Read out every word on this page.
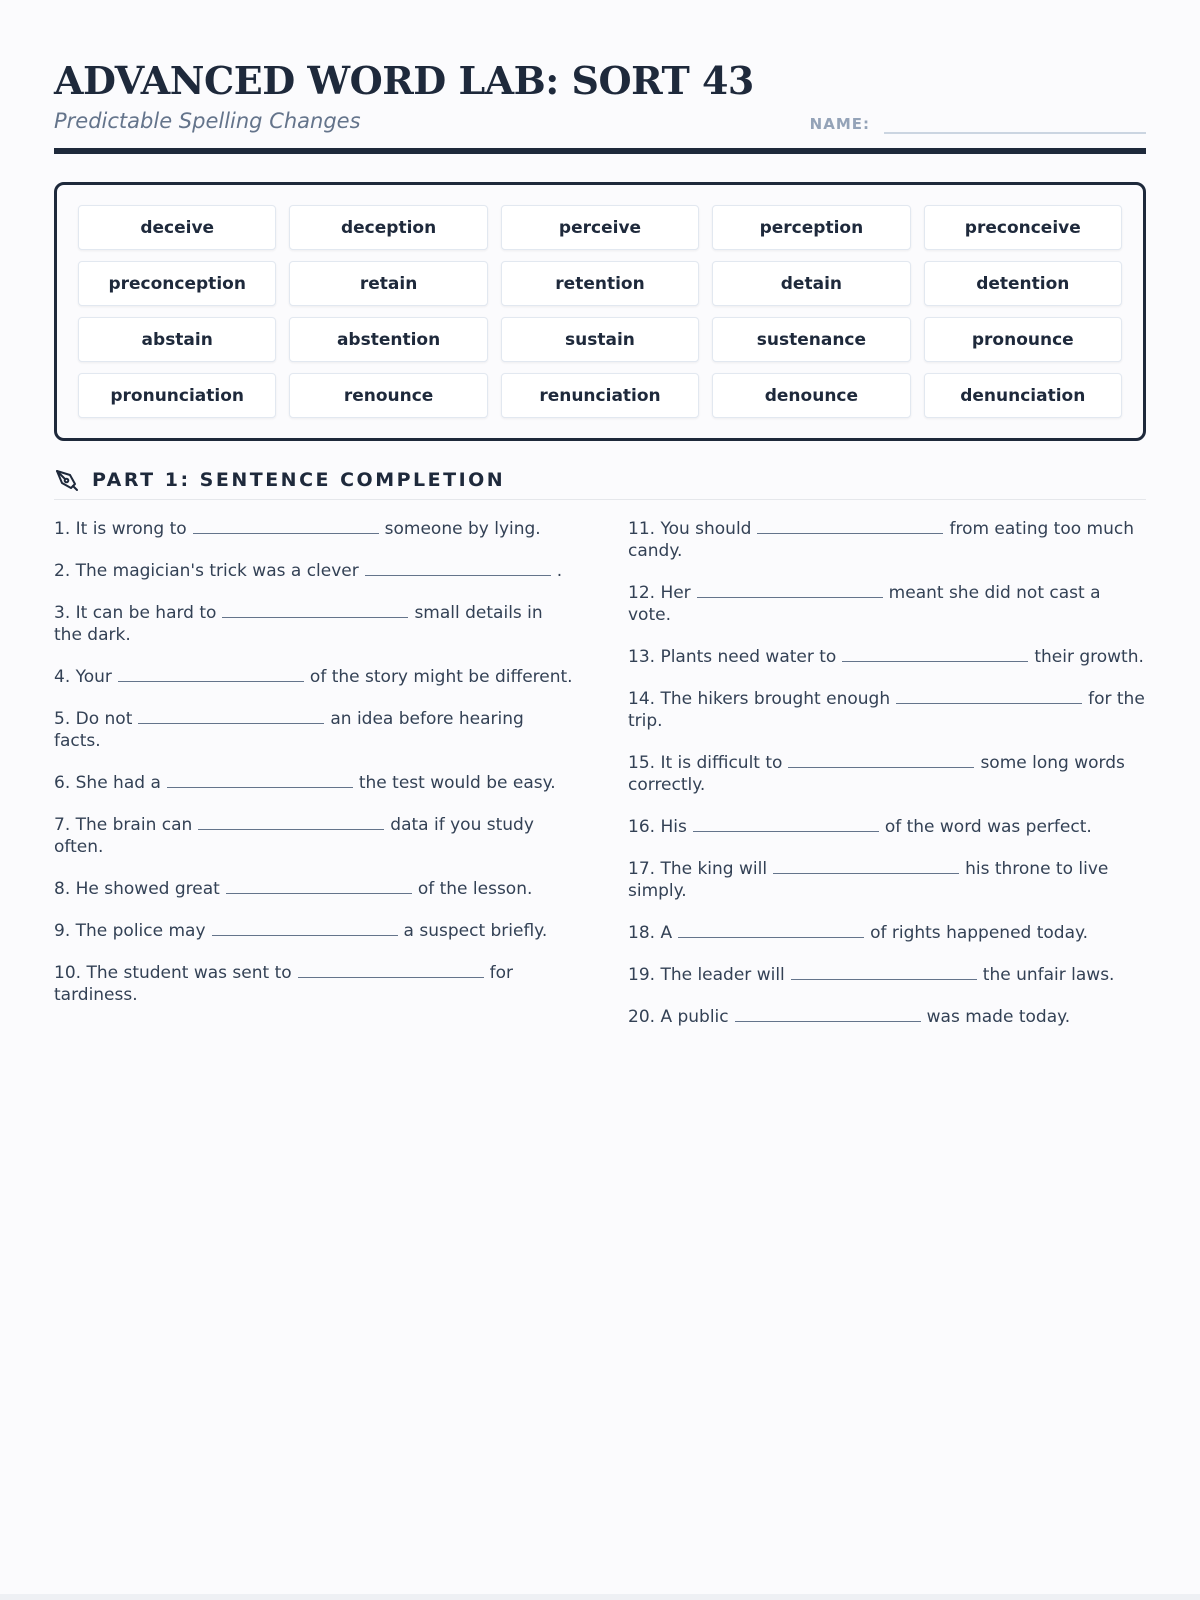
ADVANCED WORD LAB: SORT 43
Predictable Spelling Changes	NAME:
deceive	deception	perceive	perception	preconceive
preconception	retain	retention	detain	detention
abstain	abstention	sustain	sustenance	pronounce
pronunciation	renounce	renunciation	denounce	denunciation
PART 1: SENTENCE COMPLETION
1. It is wrong to	someone by lying.
2. The magician's trick was a clever	.
3. It can be hard to	small details in the dark.
4. Your	of the story might be different.
5. Do not	an idea before hearing facts.
6. She had a	the test would be easy.
7. The brain can	data if you study often.
8. He showed great	of the lesson.
9. The police may	a suspect briefly.
10. The student was sent to	for tardiness.
11. You should	from eating too much candy.
12. Her	meant she did not cast a vote.
13. Plants need water to	their growth.
14. The hikers brought enough	for the trip.
15. It is difficult to	some long words correctly.
16. His	of the word was perfect.
17. The king will	his throne to live simply.
18. A	of rights happened today.
19. The leader will	the unfair laws.
20. A public	was made today.
